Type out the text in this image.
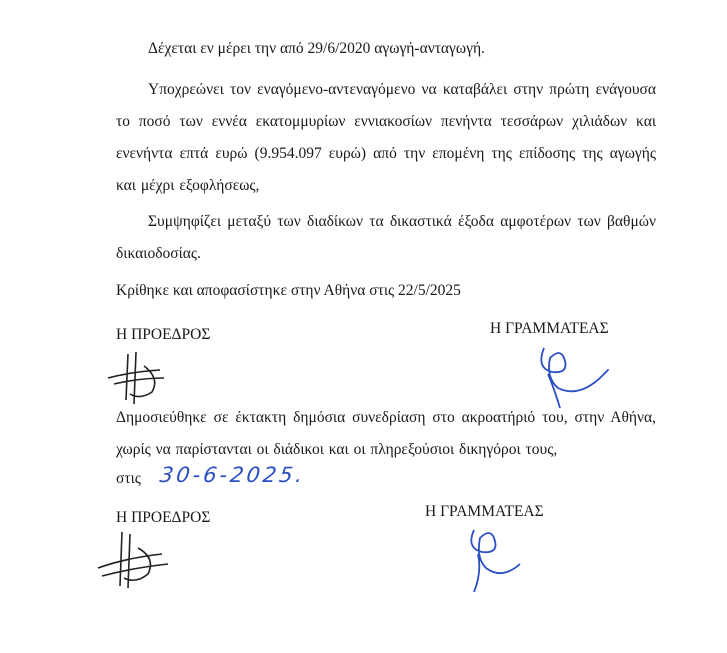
Δέχεται εν μέρει την από 29/6/2020 αγωγή-ανταγωγή.
Υποχρεώνει τον εναγόμενο-αντεναγόμενο να καταβάλει στην πρώτη ενάγουσα το ποσό των εννέα εκατομμυρίων εννιακοσίων πενήντα τεσσάρων χιλιάδων και ενενήντα επτά ευρώ (9.954.097 ευρώ) από την επομένη της επίδοσης της αγωγής και μέχρι εξοφλήσεως,
Συμψηφίζει μεταξύ των διαδίκων τα δικαστικά έξοδα αμφοτέρων των βαθμών δικαιοδοσίας.
Κρίθηκε και αποφασίστηκε στην Αθήνα στις 22/5/2025
Η ΠΡΟΕΔΡΟΣ	Η ΓΡΑΜΜΑΤΕΑΣ
Δημοσιεύθηκε σε έκτακτη δημόσια συνεδρίαση στο ακροατήριό του, στην Αθήνα, χωρίς να παρίστανται οι διάδικοι και οι πληρεξούσιοι δικηγόροι τους,
στις 30-6-2025.
Η ΠΡΟΕΔΡΟΣ	Η ΓΡΑΜΜΑΤΕΑΣ
